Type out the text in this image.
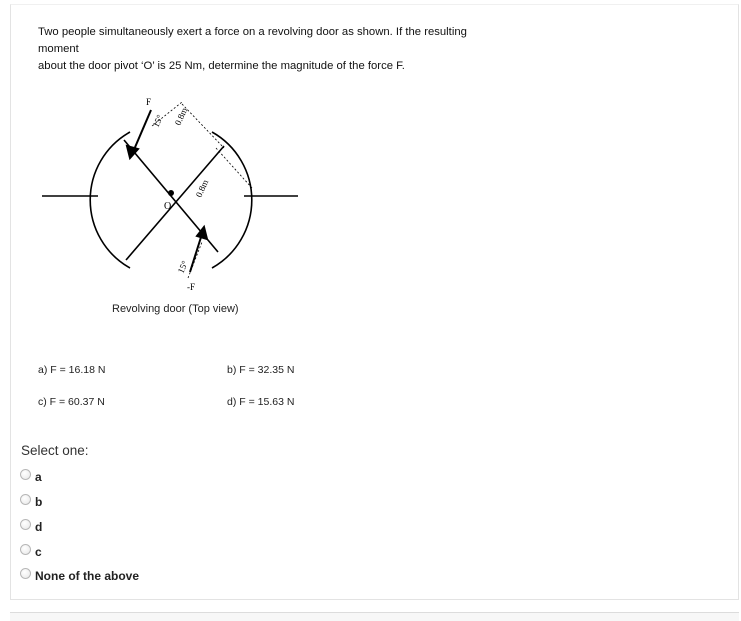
Two people simultaneously exert a force on a revolving door as shown. If the resulting moment
about the door pivot ‘O’ is 25 Nm, determine the magnitude of the force F.
F
-F
O
15°
15°
0.8m
0.8m
Revolving door (Top view)
a) F = 16.18 N	b) F = 32.35 N
c) F = 60.37 N	d) F = 15.63 N
Select one:
a
b
d
c
None of the above
